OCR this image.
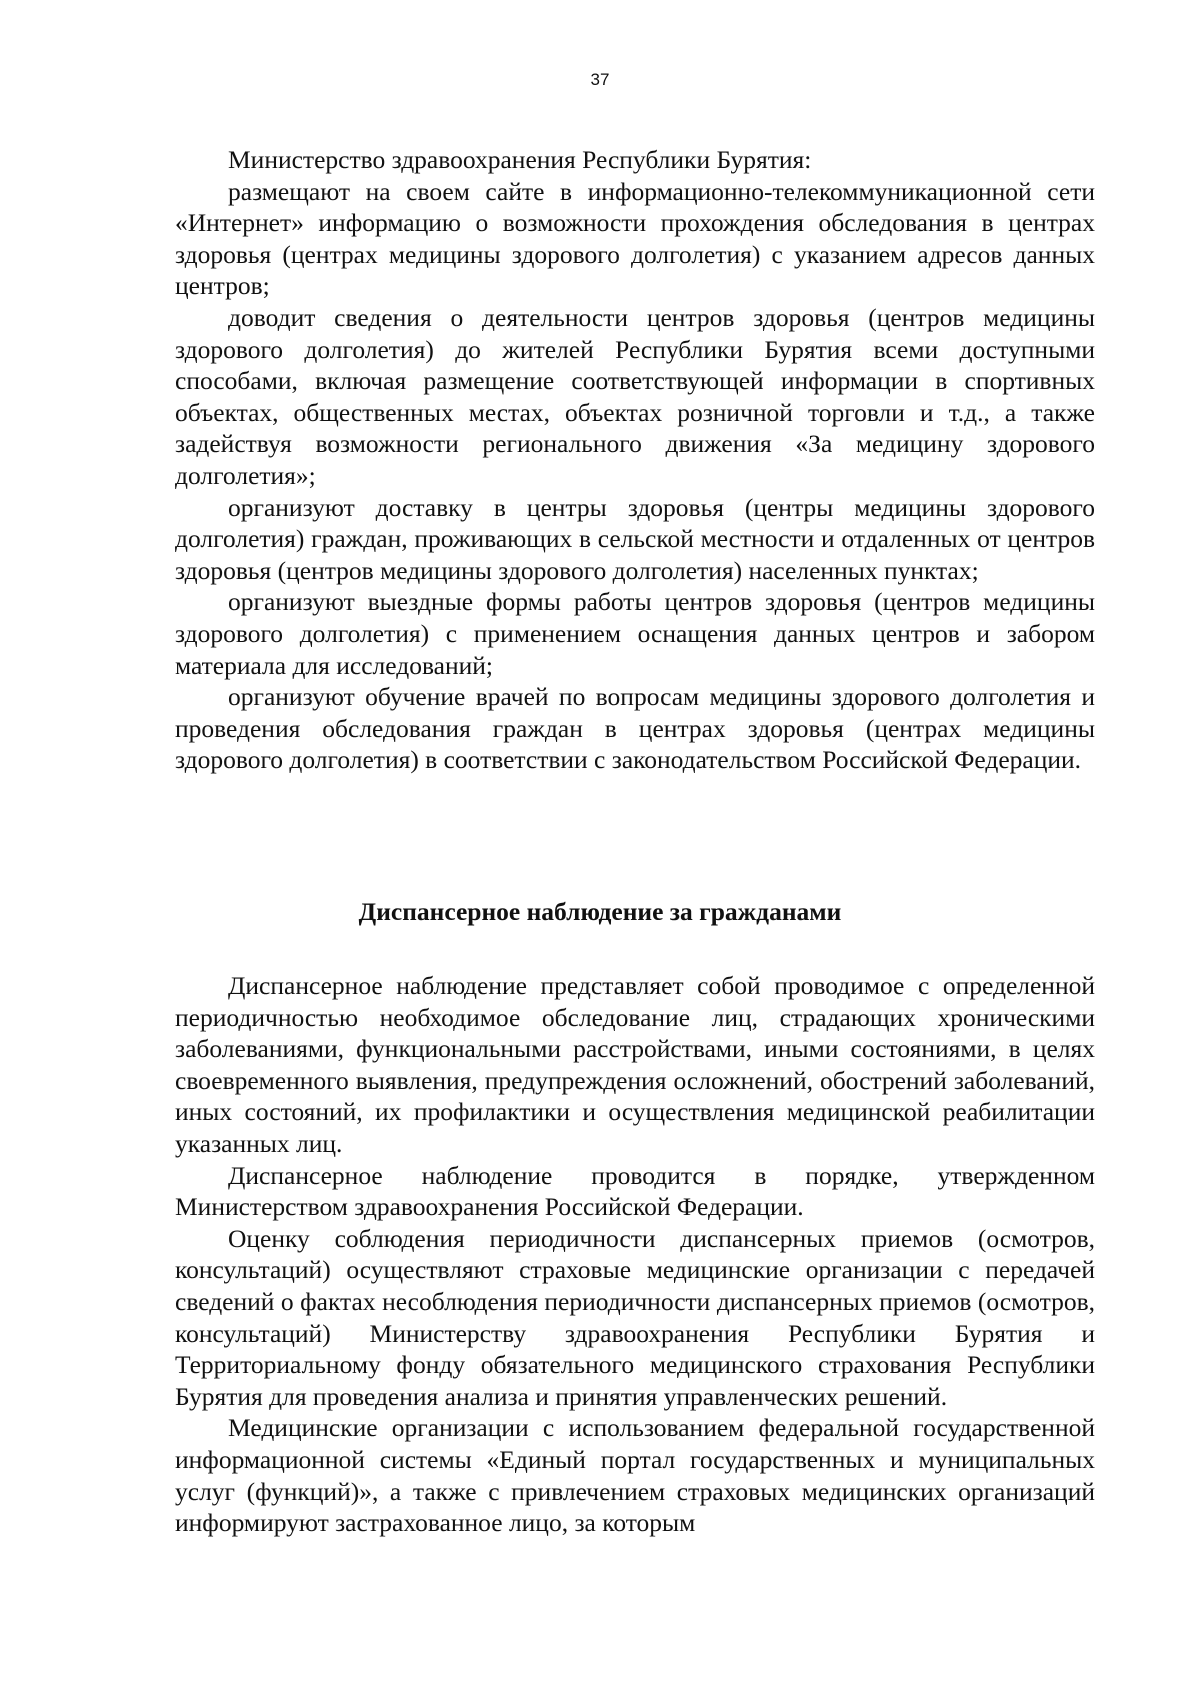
37

Министерство здравоохранения Республики Бурятия:

размещают на своем сайте в информационно-телекоммуникационной сети «Интернет» информацию о возможности прохождения обследования в центрах здоровья (центрах медицины здорового долголетия) с указанием адресов данных центров;

доводит сведения о деятельности центров здоровья (центров медицины здорового долголетия) до жителей Республики Бурятия всеми доступными способами, включая размещение соответствующей информации в спортивных объектах, общественных местах, объектах розничной торговли и т.д., а также задействуя возможности регионального движения «За медицину здорового долголетия»;

организуют доставку в центры здоровья (центры медицины здорового долголетия) граждан, проживающих в сельской местности и отдаленных от центров здоровья (центров медицины здорового долголетия) населенных пунктах;

организуют выездные формы работы центров здоровья (центров медицины здорового долголетия) с применением оснащения данных центров и забором материала для исследований;

организуют обучение врачей по вопросам медицины здорового долголетия и проведения обследования граждан в центрах здоровья (центрах медицины здорового долголетия) в соответствии с законодательством Российской Федерации.

Диспансерное наблюдение за гражданами

Диспансерное наблюдение представляет собой проводимое с определенной периодичностью необходимое обследование лиц, страдающих хроническими заболеваниями, функциональными расстройствами, иными состояниями, в целях своевременного выявления, предупреждения осложнений, обострений заболеваний, иных состояний, их профилактики и осуществления медицинской реабилитации указанных лиц.

Диспансерное наблюдение проводится в порядке, утвержденном Министерством здравоохранения Российской Федерации.

Оценку соблюдения периодичности диспансерных приемов (осмотров, консультаций) осуществляют страховые медицинские организации с передачей сведений о фактах несоблюдения периодичности диспансерных приемов (осмотров, консультаций) Министерству здравоохранения Республики Бурятия и Территориальному фонду обязательного медицинского страхования Республики Бурятия для проведения анализа и принятия управленческих решений.

Медицинские организации с использованием федеральной государственной информационной системы «Единый портал государственных и муниципальных услуг (функций)», а также с привлечением страховых медицинских организаций информируют застрахованное лицо, за которым
